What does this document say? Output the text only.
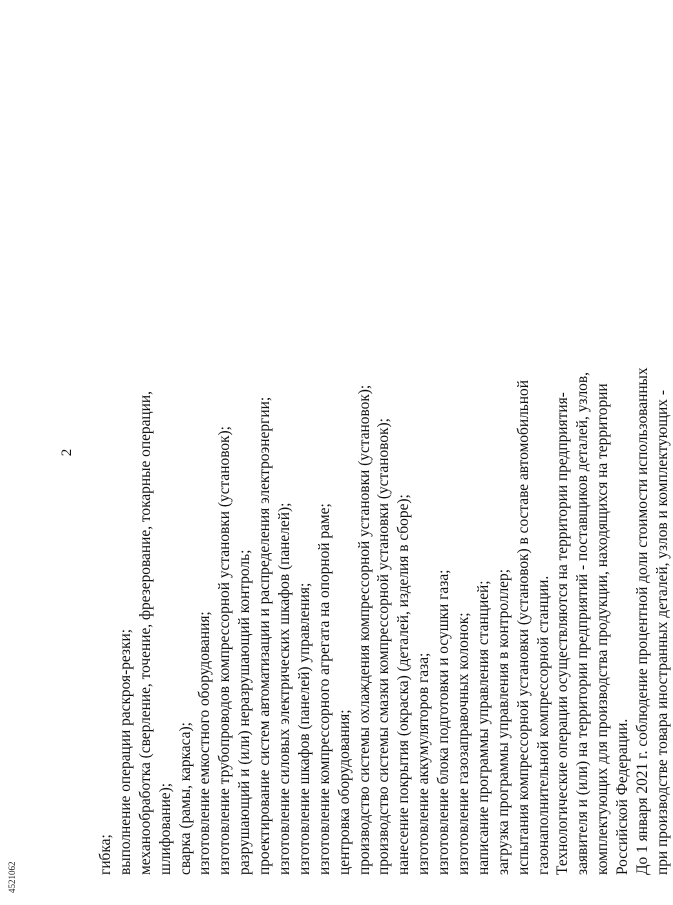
2
гибка; выполнение операции раскроя-резки; механообработка (сверление, точение, фрезерование, токарные операции, шлифование); сварка (рамы, каркаса); изготовление емкостного оборудования; изготовление трубопроводов компрессорной установки (установок); разрушающий и (или) неразрушающий контроль; проектирование систем автоматизации и распределения электроэнергии; изготовление силовых электрических шкафов (панелей); изготовление шкафов (панелей) управления; изготовление компрессорного агрегата на опорной раме; центровка оборудования; производство системы охлаждения компрессорной установки (установок); производство системы смазки компрессорной установки (установок); нанесение покрытия (окраска) (деталей, изделия в сборе); изготовление аккумуляторов газа; изготовление блока подготовки и осушки газа; изготовление газозаправочных колонок; написание программы управления станцией; загрузка программы управления в контроллер; испытания компрессорной установки (установок) в составе автомобильной газонаполнительной компрессорной станции. Технологические операции осуществляются на территории предприятия- заявителя и (или) на территории предприятий - поставщиков деталей, узлов, комплектующих для производства продукции, находящихся на территории Российской Федерации. До 1 января 2021 г. соблюдение процентной доли стоимости использованных при производстве товара иностранных деталей, узлов и комплектующих -
4521062
